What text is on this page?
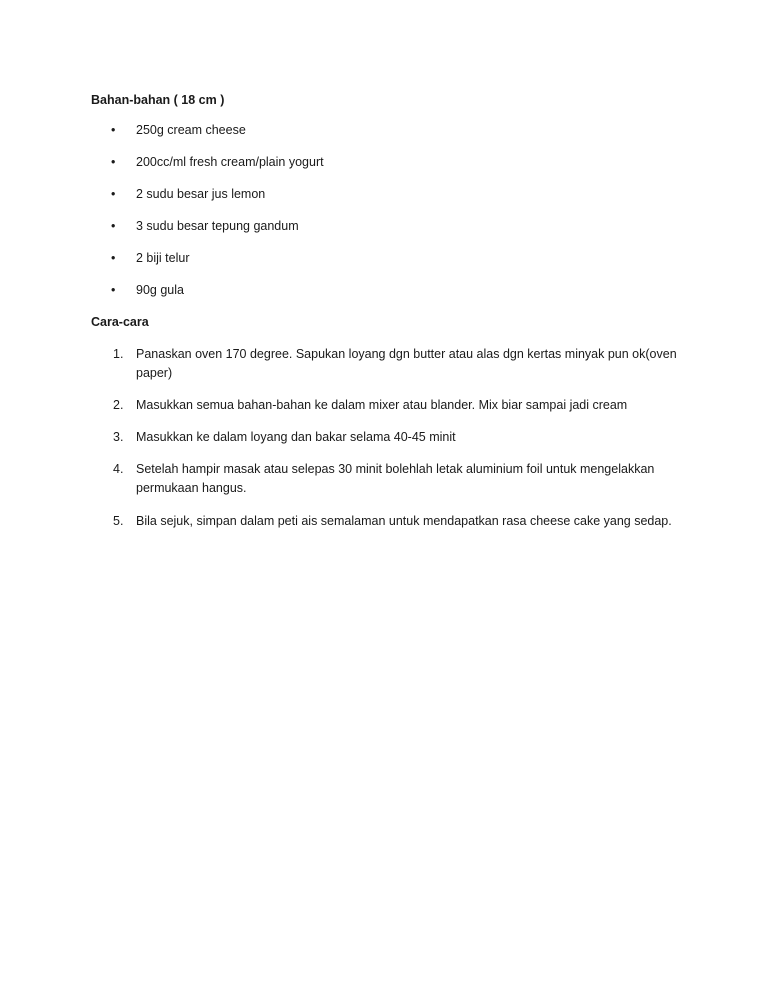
Bahan-bahan ( 18 cm )
• 250g cream cheese
• 200cc/ml fresh cream/plain yogurt
• 2 sudu besar jus lemon
• 3 sudu besar tepung gandum
• 2 biji telur
• 90g gula
Cara-cara
1. Panaskan oven 170 degree. Sapukan loyang dgn butter atau alas dgn kertas minyak pun ok(oven paper)
2. Masukkan semua bahan-bahan ke dalam mixer atau blander. Mix biar sampai jadi cream
3. Masukkan ke dalam loyang dan bakar selama 40-45 minit
4. Setelah hampir masak atau selepas 30 minit bolehlah letak aluminium foil untuk mengelakkan permukaan hangus.
5. Bila sejuk, simpan dalam peti ais semalaman untuk mendapatkan rasa cheese cake yang sedap.
